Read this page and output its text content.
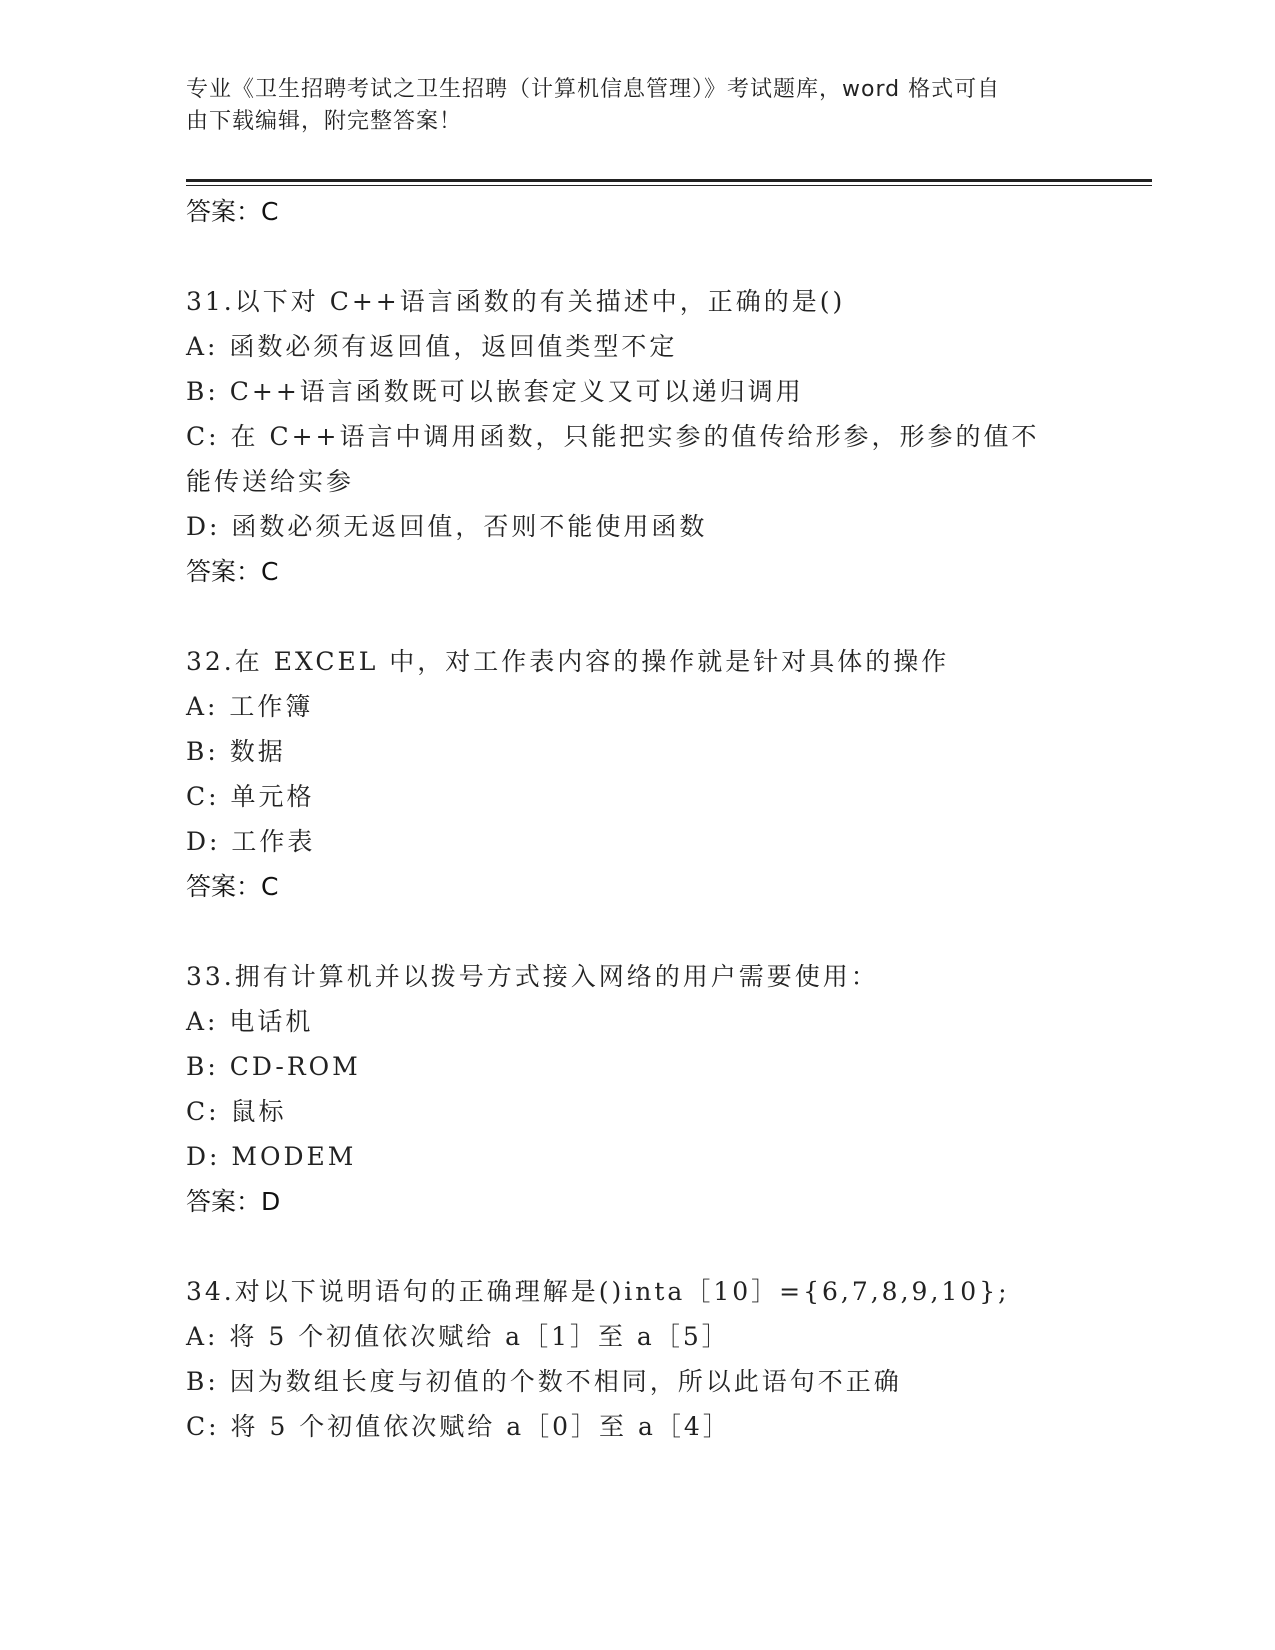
专业《卫生招聘考试之卫生招聘（计算机信息管理）》考试题库，word 格式可自
由下载编辑，附完整答案！
答案：C
31.以下对 C++语言函数的有关描述中，正确的是()
A: 函数必须有返回值，返回值类型不定
B: C++语言函数既可以嵌套定义又可以递归调用
C: 在 C++语言中调用函数，只能把实参的值传给形参，形参的值不能传送给实参
D: 函数必须无返回值，否则不能使用函数
答案：C
32.在 EXCEL 中，对工作表内容的操作就是针对具体的操作
A: 工作簿
B: 数据
C: 单元格
D: 工作表
答案：C
33.拥有计算机并以拨号方式接入网络的用户需要使用：
A: 电话机
B: CD-ROM
C: 鼠标
D: MODEM
答案：D
34.对以下说明语句的正确理解是()inta［10］={6,7,8,9,10};
A: 将 5 个初值依次赋给 a［1］至 a［5］
B: 因为数组长度与初值的个数不相同，所以此语句不正确
C: 将 5 个初值依次赋给 a［0］至 a［4］
